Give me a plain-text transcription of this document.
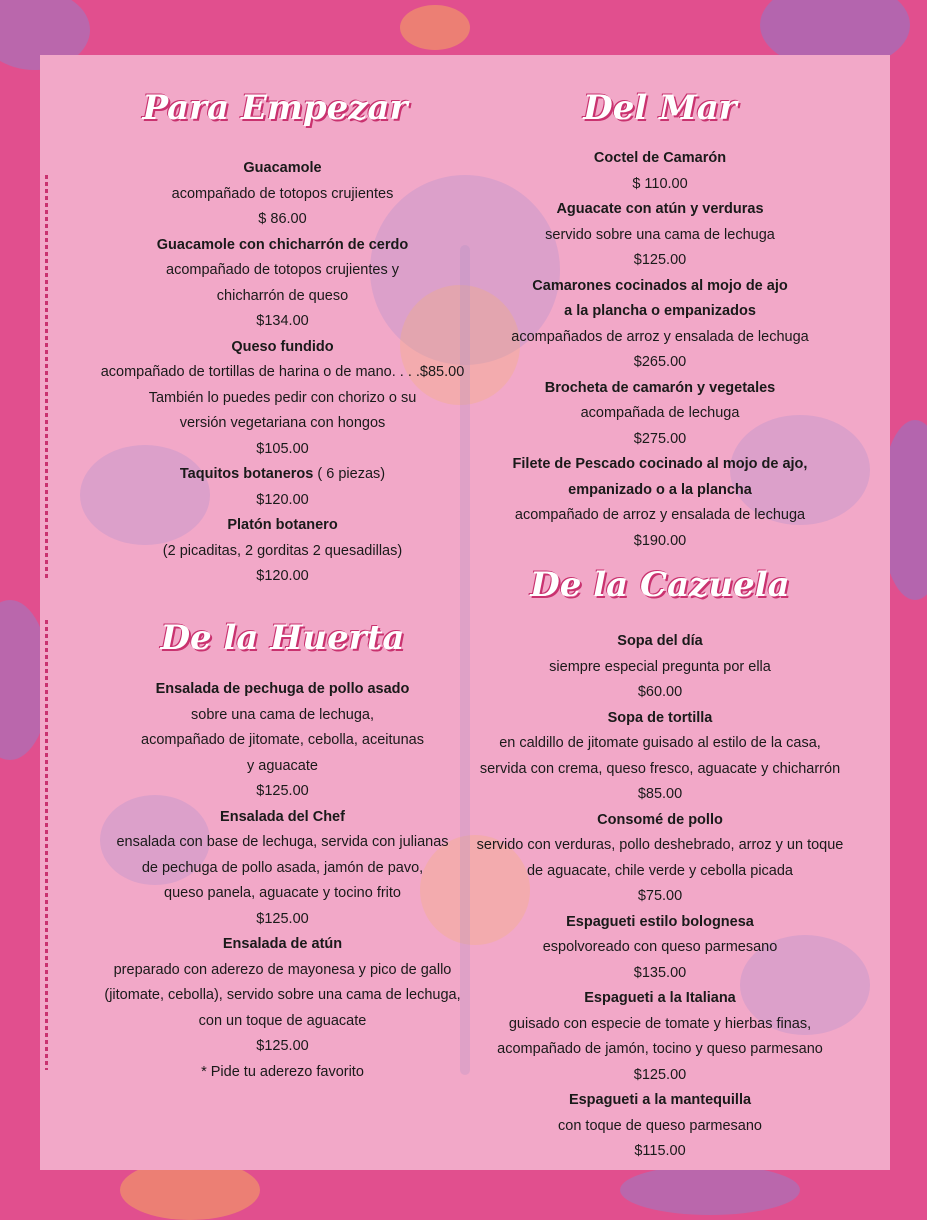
Para Empezar	Del Mar
De la Huerta
De la Cazuela
Guacamole
acompañado de totopos crujientes
$ 86.00
Guacamole con chicharrón de cerdo
acompañado de totopos crujientes y
chicharrón de queso
$134.00
Queso fundido
acompañado de tortillas de harina o de mano. . . .$85.00
También lo puedes pedir con chorizo o su
versión vegetariana con hongos
$105.00
Taquitos botaneros ( 6 piezas)
$120.00
Platón botanero
(2 picaditas, 2 gorditas 2 quesadillas)
$120.00
Ensalada de pechuga de pollo asado
sobre una cama de lechuga,
acompañado de jitomate, cebolla, aceitunas
y aguacate
$125.00
Ensalada del Chef
ensalada con base de lechuga, servida con julianas
de pechuga de pollo asada, jamón de pavo,
queso panela, aguacate y tocino frito
$125.00
Ensalada de atún
preparado con aderezo de mayonesa y pico de gallo
(jitomate, cebolla), servido sobre una cama de lechuga,
con un toque de aguacate
$125.00
* Pide tu aderezo favorito
Coctel de Camarón
$ 110.00
Aguacate con atún y verduras
servido sobre una cama de lechuga
$125.00
Camarones cocinados al mojo de ajo
a la plancha o empanizados
acompañados de arroz y ensalada de lechuga
$265.00
Brocheta de camarón y vegetales
acompañada de lechuga
$275.00
Filete de Pescado cocinado al mojo de ajo,
empanizado o a la plancha
acompañado de arroz y ensalada de lechuga
$190.00
Sopa del día
siempre especial pregunta por ella
$60.00
Sopa de tortilla
en caldillo de jitomate guisado al estilo de la casa,
servida con crema, queso fresco, aguacate y chicharrón
$85.00
Consomé de pollo
servido con verduras, pollo deshebrado, arroz y un toque
de aguacate, chile verde y cebolla picada
$75.00
Espagueti estilo bolognesa
espolvoreado con queso parmesano
$135.00
Espagueti a la Italiana
guisado con especie de tomate y hierbas finas,
acompañado de jamón, tocino y queso parmesano
$125.00
Espagueti a la mantequilla
con toque de queso parmesano
$115.00
